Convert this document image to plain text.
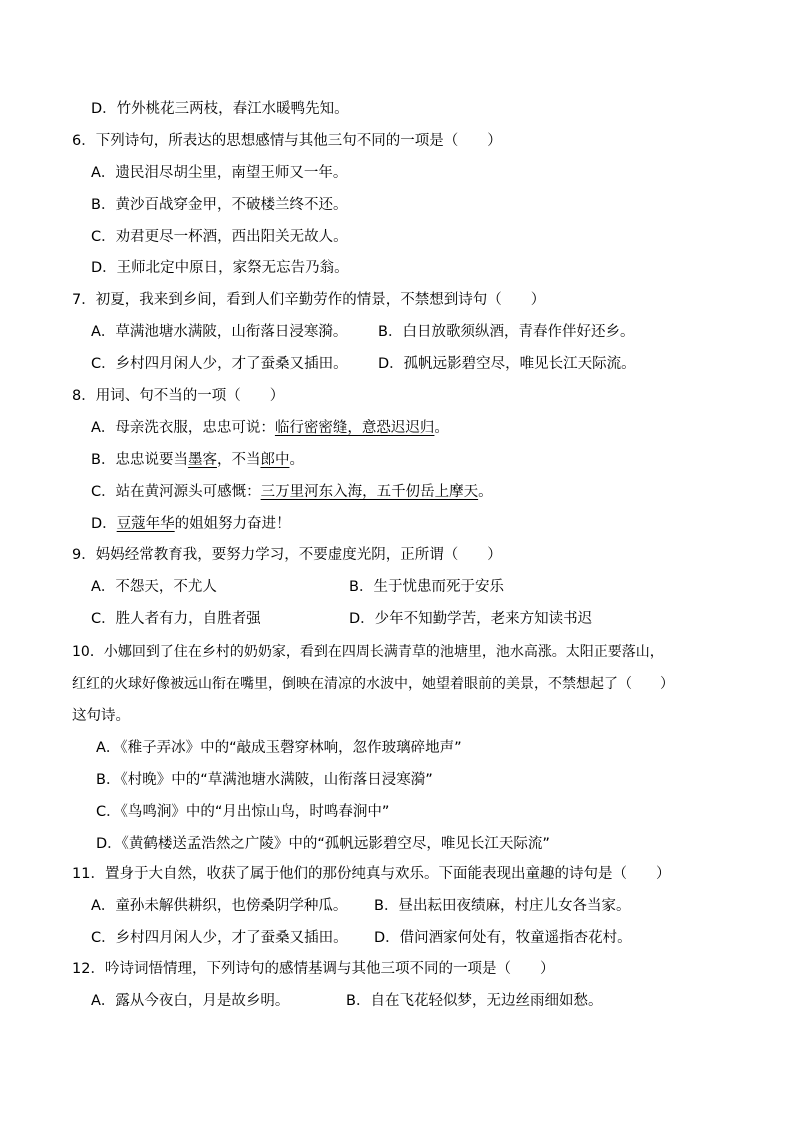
D．竹外桃花三两枝，春江水暖鸭先知。
6．下列诗句，所表达的思想感情与其他三句不同的一项是（　　）
A．遗民泪尽胡尘里，南望王师又一年。
B．黄沙百战穿金甲，不破楼兰终不还。
C．劝君更尽一杯酒，西出阳关无故人。
D．王师北定中原日，家祭无忘告乃翁。
7．初夏，我来到乡间，看到人们辛勤劳作的情景，不禁想到诗句（　　）
A．草满池塘水满陂，山衔落日浸寒漪。 B．白日放歌须纵酒，青春作伴好还乡。
C．乡村四月闲人少，才了蚕桑又插田。 D．孤帆远影碧空尽，唯见长江天际流。
8．用词、句不当的一项（　　）
A．母亲洗衣服，忠忠可说：临行密密缝，意恐迟迟归。
B．忠忠说要当墨客，不当郎中。
C．站在黄河源头可感慨：三万里河东入海，五千仞岳上摩天。
D．豆蔻年华的姐姐努力奋进！
9．妈妈经常教育我，要努力学习，不要虚度光阴，正所谓（　　）
A．不怨天，不尤人	B．生于忧患而死于安乐
C．胜人者有力，自胜者强	D．少年不知勤学苦，老来方知读书迟
10．小娜回到了住在乡村的奶奶家，看到在四周长满青草的池塘里，池水高涨。太阳正要落山，
红红的火球好像被远山衔在嘴里，倒映在清凉的水波中，她望着眼前的美景，不禁想起了（　　）
这句诗。
A．《稚子弄冰》中的“敲成玉磬穿林响，忽作玻璃碎地声”
B．《村晚》中的“草满池塘水满陂，山衔落日浸寒漪”
C．《鸟鸣涧》中的“月出惊山鸟，时鸣春涧中”
D．《黄鹤楼送孟浩然之广陵》中的“孤帆远影碧空尽，唯见长江天际流”
11．置身于大自然，收获了属于他们的那份纯真与欢乐。下面能表现出童趣的诗句是（　　）
A．童孙未解供耕织，也傍桑阴学种瓜。 B．昼出耘田夜绩麻，村庄儿女各当家。
C．乡村四月闲人少，才了蚕桑又插田。 D．借问酒家何处有，牧童遥指杏花村。
12．吟诗词悟情理，下列诗句的感情基调与其他三项不同的一项是（　　）
A．露从今夜白，月是故乡明。	B．自在飞花轻似梦，无边丝雨细如愁。
